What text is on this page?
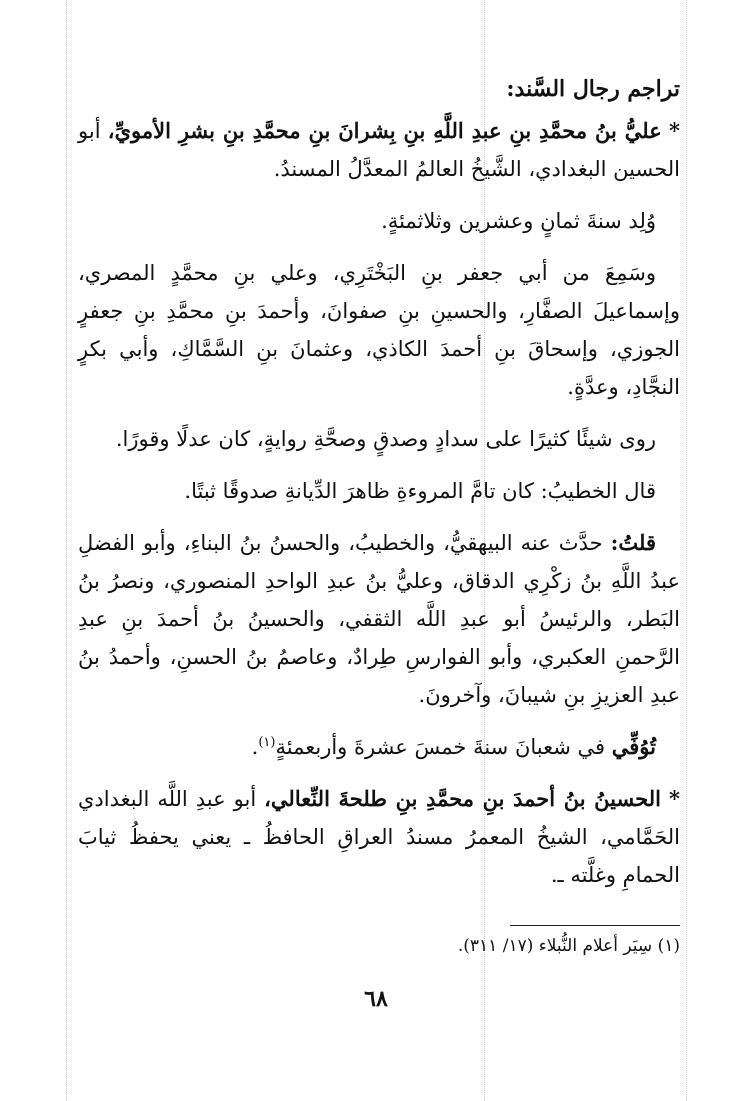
تراجم رجال السَّند:

* عليُّ بنُ محمَّدِ بنِ عبدِ اللَّهِ بنِ بِشرانَ بنِ محمَّدِ بنِ بشرِ الأمويِّ، أبو الحسين البغدادي، الشَّيخُ العالمُ المعدَّلُ المسندُ.

وُلِد سنةَ ثمانٍ وعشرين وثلاثمئةٍ.

وسَمِعَ من أبي جعفر بنِ البَخْتَرِي، وعلي بنِ محمَّدٍ المصري، وإسماعيلَ الصفَّارِ، والحسينِ بنِ صفوانَ، وأحمدَ بنِ محمَّدِ بنِ جعفرٍ الجوزي، وإسحاقَ بنِ أحمدَ الكاذي، وعثمانَ بنِ السَّمَّاكِ، وأبي بكرٍ النجَّادِ، وعدَّةٍ.

روى شيئًا كثيرًا على سدادٍ وصدقٍ وصحَّةِ روايةٍ، كان عدلًا وقورًا.

قال الخطيبُ: كان تامَّ المروءةِ ظاهرَ الدِّيانةِ صدوقًا ثبتًا.

قلتُ: حدَّث عنه البيهقيُّ، والخطيبُ، والحسنُ بنُ البناءِ، وأبو الفضلِ عبدُ اللَّهِ بنُ زكْرِي الدقاق، وعليُّ بنُ عبدِ الواحدِ المنصوري، ونصرُ بنُ البَطر، والرئيسُ أبو عبدِ اللَّه الثقفي، والحسينُ بنُ أحمدَ بنِ عبدِ الرَّحمنِ العكبري، وأبو الفوارسِ طِرادٌ، وعاصمُ بنُ الحسنِ، وأحمدُ بنُ عبدِ العزيزِ بنِ شيبانَ، وآخرونَ.

تُوُفِّي في شعبانَ سنةَ خمسَ عشرةَ وأربعمئةٍ$^{(١)}$.

* الحسينُ بنُ أحمدَ بنِ محمَّدِ بنِ طلحةَ النِّعالي، أبو عبدِ اللَّه البغدادي الحَمَّامي، الشيخُ المعمرُ مسندُ العراقِ الحافظُ ـ يعني يحفظُ ثيابَ الحمامِ وغلَّته ـ.

(١) سِيَر أعلام النُّبلاء (١٧/ ٣١١).
٦٨
